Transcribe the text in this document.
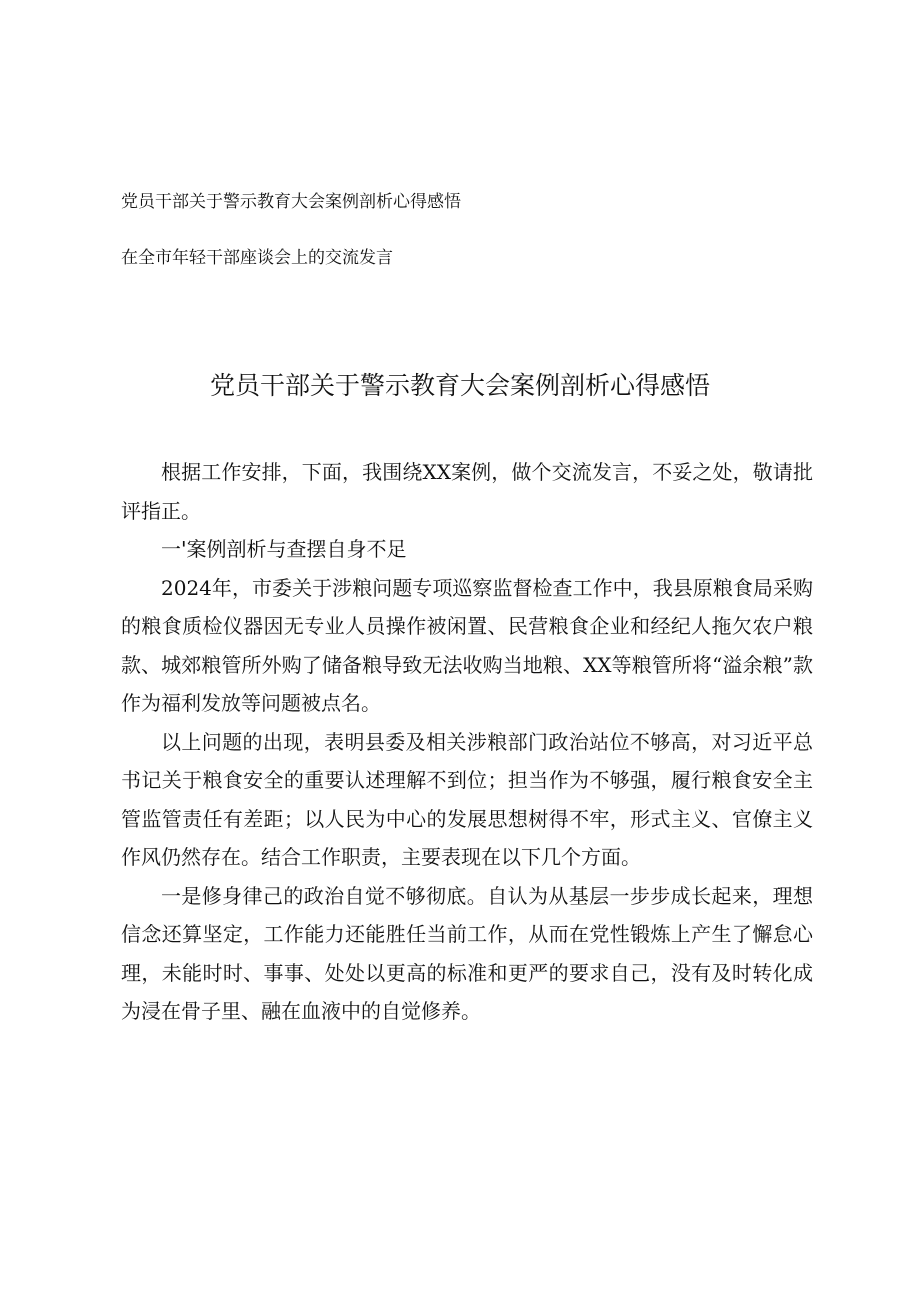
党员干部关于警示教育大会案例剖析心得感悟
在全市年轻干部座谈会上的交流发言
党员干部关于警示教育大会案例剖析心得感悟

根据工作安排，下面，我围绕XX案例，做个交流发言，不妥之处，敬请批评指正。

一'案例剖析与查摆自身不足

2024年，市委关于涉粮问题专项巡察监督检查工作中，我县原粮食局采购的粮食质检仪器因无专业人员操作被闲置、民营粮食企业和经纪人拖欠农户粮款、城郊粮管所外购了储备粮导致无法收购当地粮、XX等粮管所将“溢余粮”款作为福利发放等问题被点名。

以上问题的出现，表明县委及相关涉粮部门政治站位不够高，对习近平总书记关于粮食安全的重要认述理解不到位；担当作为不够强，履行粮食安全主管监管责任有差距；以人民为中心的发展思想树得不牢，形式主义、官僚主义作风仍然存在。结合工作职责，主要表现在以下几个方面。

一是修身律己的政治自觉不够彻底。自认为从基层一步步成长起来，理想信念还算坚定，工作能力还能胜任当前工作，从而在党性锻炼上产生了懈怠心理，未能时时、事事、处处以更高的标准和更严的要求自己，没有及时转化成为浸在骨子里、融在血液中的自觉修养。
